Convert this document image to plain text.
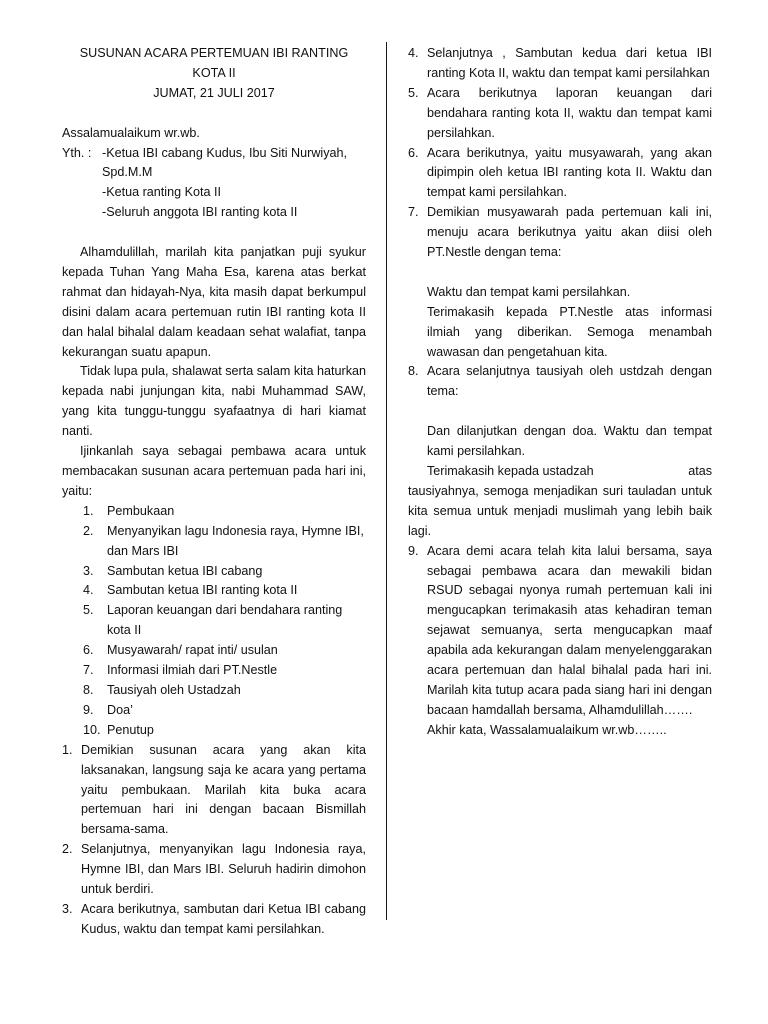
SUSUNAN ACARA PERTEMUAN IBI RANTING KOTA II

JUMAT, 21 JULI 2017

Assalamualaikum wr.wb.

Yth. : -Ketua IBI cabang Kudus, Ibu Siti Nurwiyah, Spd.M.M

-Ketua ranting Kota II

-Seluruh anggota IBI ranting kota II

Alhamdulillah, marilah kita panjatkan puji syukur kepada Tuhan Yang Maha Esa, karena atas berkat rahmat dan hidayah-Nya, kita masih dapat berkumpul disini dalam acara pertemuan rutin IBI ranting kota II dan halal bihalal dalam keadaan sehat walafiat, tanpa kekurangan suatu apapun.

Tidak lupa pula, shalawat serta salam kita haturkan kepada nabi junjungan kita, nabi Muhammad SAW, yang kita tunggu-tunggu syafaatnya di hari kiamat nanti.

Ijinkanlah saya sebagai pembawa acara untuk membacakan susunan acara pertemuan pada hari ini, yaitu:

1.	Pembukaan
2.	Menyanyikan lagu Indonesia raya, Hymne IBI, dan Mars IBI
3.	Sambutan ketua IBI cabang
4.	Sambutan ketua IBI ranting kota II
5.	Laporan keuangan dari bendahara ranting kota II
6.	Musyawarah/ rapat inti/ usulan
7.	Informasi ilmiah dari PT.Nestle
8.	Tausiyah oleh Ustadzah
9.	Doa’
10. Penutup
1. Demikian susunan acara yang akan kita laksanakan, langsung saja ke acara yang pertama yaitu pembukaan. Marilah kita buka acara pertemuan hari ini dengan bacaan Bismillah bersama-sama.
2. Selanjutnya, menyanyikan lagu Indonesia raya, Hymne IBI, dan Mars IBI. Seluruh hadirin dimohon untuk berdiri.
3. Acara berikutnya, sambutan dari Ketua IBI cabang Kudus, waktu dan tempat kami persilahkan.
4. Selanjutnya , Sambutan kedua dari ketua IBI ranting Kota II, waktu dan tempat kami persilahkan
5. Acara berikutnya laporan keuangan dari bendahara ranting kota II, waktu dan tempat kami persilahkan.
6. Acara berikutnya, yaitu musyawarah, yang akan dipimpin oleh ketua IBI ranting kota II. Waktu dan tempat kami persilahkan.
7. Demikian musyawarah pada pertemuan kali ini, menuju acara berikutnya yaitu akan diisi oleh PT.Nestle dengan tema:

Waktu dan tempat kami persilahkan.

Terimakasih kepada PT.Nestle atas informasi ilmiah yang diberikan. Semoga menambah wawasan dan pengetahuan kita.

8. Acara selanjutnya tausiyah oleh ustdzah dengan tema:

Dan dilanjutkan dengan doa. Waktu dan tempat kami persilahkan.

Terimakasih kepada ustadzah	atas

tausiyahnya, semoga menjadikan suri tauladan untuk kita semua untuk menjadi muslimah yang lebih baik lagi.

9. Acara demi acara telah kita lalui bersama, saya sebagai pembawa acara dan mewakili bidan RSUD sebagai nyonya rumah pertemuan kali ini mengucapkan terimakasih atas kehadiran teman sejawat semuanya, serta mengucapkan maaf apabila ada kekurangan dalam menyelenggarakan acara pertemuan dan halal bihalal pada hari ini. Marilah kita tutup acara pada siang hari ini dengan bacaan hamdallah bersama, Alhamdulillah…….

Akhir kata, Wassalamualaikum wr.wb……..
